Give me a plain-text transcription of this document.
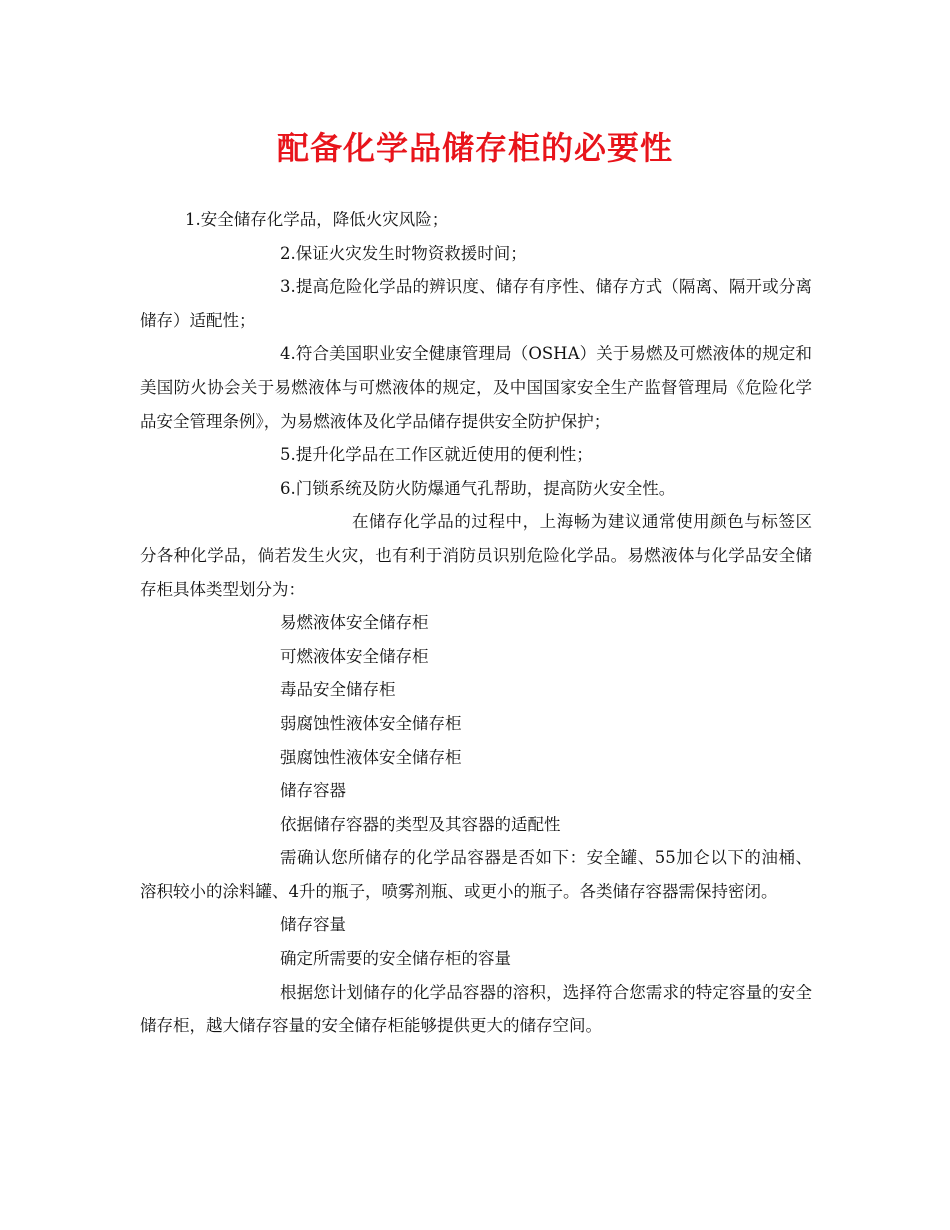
配备化学品储存柜的必要性

1.安全储存化学品，降低火灾风险；

2.保证火灾发生时物资救援时间；

3.提高危险化学品的辨识度、储存有序性、储存方式（隔离、隔开或分离储存）适配性；

4.符合美国职业安全健康管理局（OSHA）关于易燃及可燃液体的规定和美国防火协会关于易燃液体与可燃液体的规定，及中国国家安全生产监督管理局《危险化学品安全管理条例》，为易燃液体及化学品储存提供安全防护保护；

5.提升化学品在工作区就近使用的便利性；

6.门锁系统及防火防爆通气孔帮助，提高防火安全性。

在储存化学品的过程中，上海畅为建议通常使用颜色与标签区分各种化学品，倘若发生火灾，也有利于消防员识别危险化学品。易燃液体与化学品安全储存柜具体类型划分为：

易燃液体安全储存柜

可燃液体安全储存柜

毒品安全储存柜

弱腐蚀性液体安全储存柜

强腐蚀性液体安全储存柜

储存容器

依据储存容器的类型及其容器的适配性

需确认您所储存的化学品容器是否如下：安全罐、55加仑以下的油桶、溶积较小的涂料罐、4升的瓶子，喷雾剂瓶、或更小的瓶子。各类储存容器需保持密闭。

储存容量

确定所需要的安全储存柜的容量

根据您计划储存的化学品容器的溶积，选择符合您需求的特定容量的安全储存柜，越大储存容量的安全储存柜能够提供更大的储存空间。
